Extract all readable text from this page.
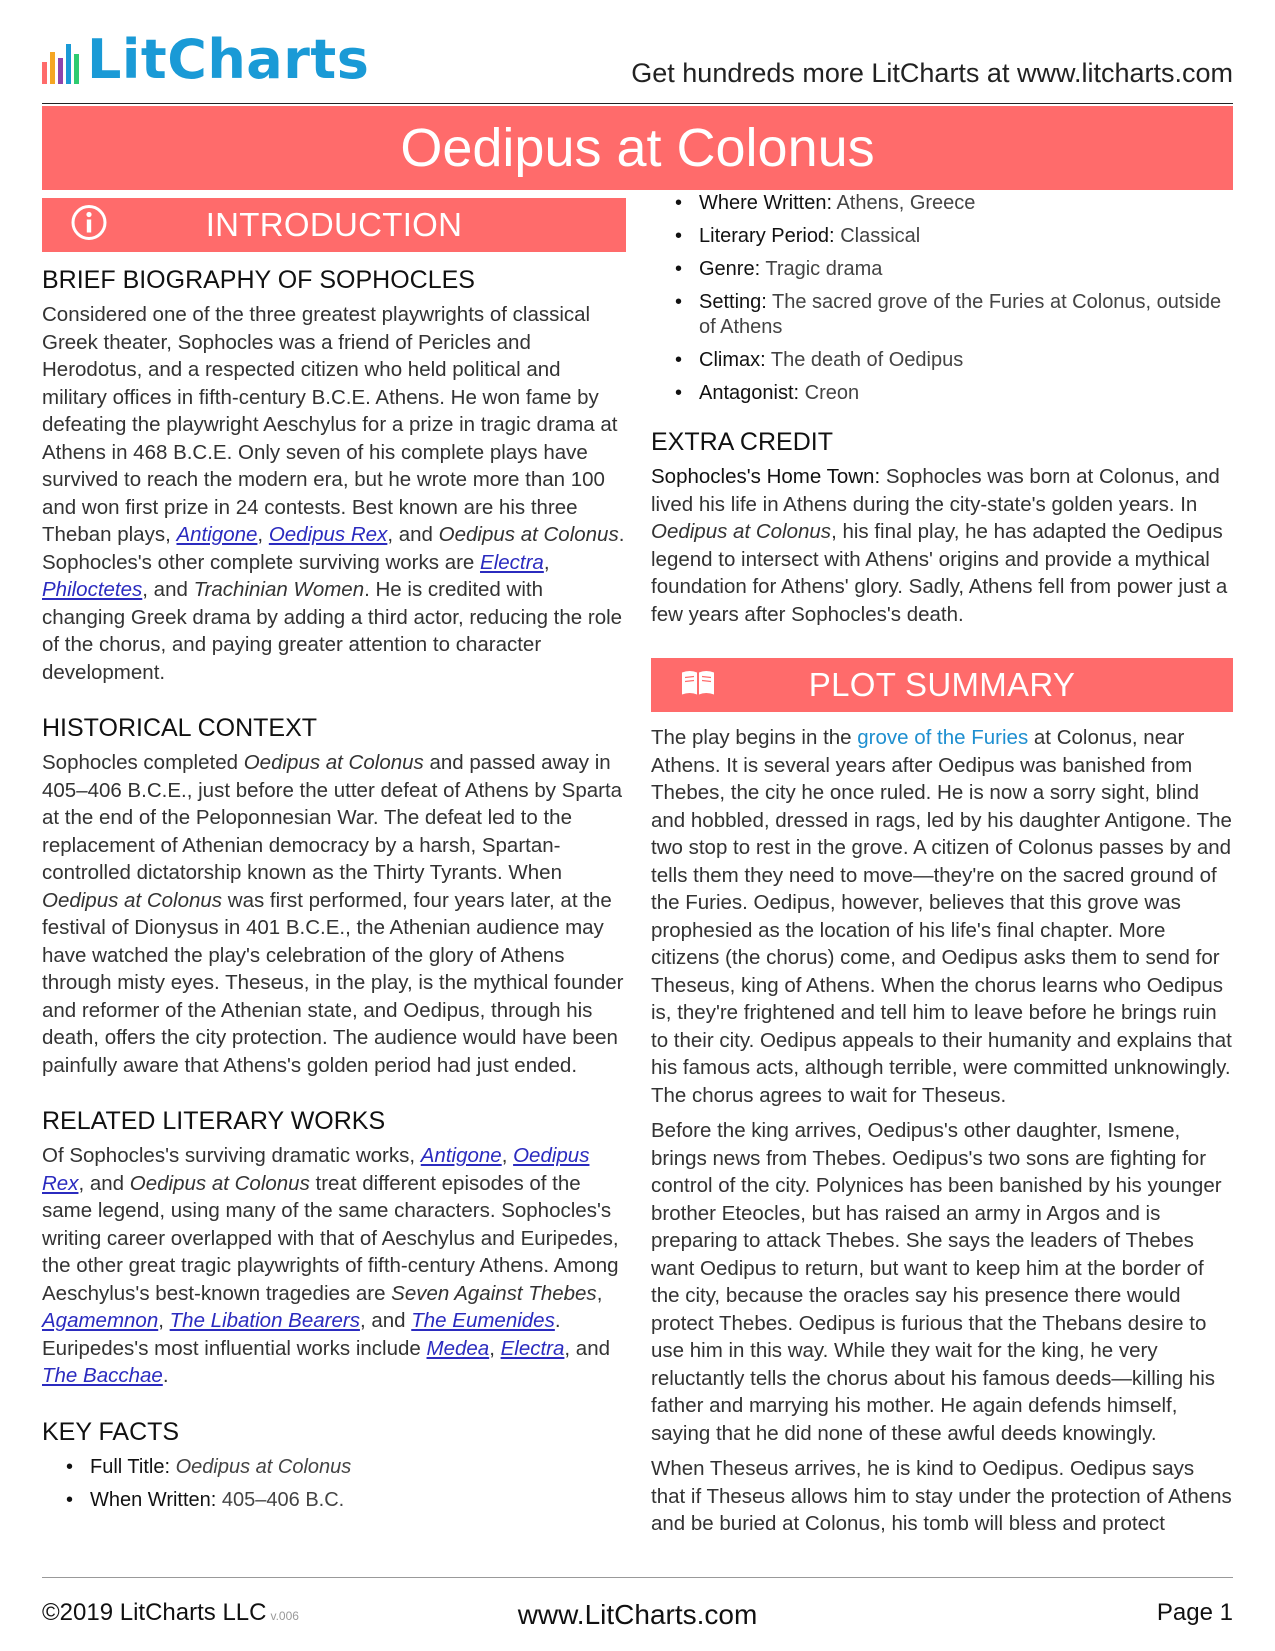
LitCharts	Get hundreds more LitCharts at www.litcharts.com
Oedipus at Colonus
INTRODUCTION
BRIEF BIOGRAPHY OF SOPHOCLES

Considered one of the three greatest playwrights of classical Greek theater, Sophocles was a friend of Pericles and Herodotus, and a respected citizen who held political and military offices in fifth-century B.C.E. Athens. He won fame by defeating the playwright Aeschylus for a prize in tragic drama at Athens in 468 B.C.E. Only seven of his complete plays have survived to reach the modern era, but he wrote more than 100 and won first prize in 24 contests. Best known are his three Theban plays, Antigone, Oedipus Rex, and Oedipus at Colonus. Sophocles's other complete surviving works are Electra, Philoctetes, and Trachinian Women. He is credited with changing Greek drama by adding a third actor, reducing the role of the chorus, and paying greater attention to character development.

HISTORICAL CONTEXT

Sophocles completed Oedipus at Colonus and passed away in 405–406 B.C.E., just before the utter defeat of Athens by Sparta at the end of the Peloponnesian War. The defeat led to the replacement of Athenian democracy by a harsh, Spartan-controlled dictatorship known as the Thirty Tyrants. When Oedipus at Colonus was first performed, four years later, at the festival of Dionysus in 401 B.C.E., the Athenian audience may have watched the play's celebration of the glory of Athens through misty eyes. Theseus, in the play, is the mythical founder and reformer of the Athenian state, and Oedipus, through his death, offers the city protection. The audience would have been painfully aware that Athens's golden period had just ended.

RELATED LITERARY WORKS

Of Sophocles's surviving dramatic works, Antigone, Oedipus Rex, and Oedipus at Colonus treat different episodes of the same legend, using many of the same characters. Sophocles's writing career overlapped with that of Aeschylus and Euripedes, the other great tragic playwrights of fifth-century Athens. Among Aeschylus's best-known tragedies are Seven Against Thebes, Agamemnon, The Libation Bearers, and The Eumenides. Euripedes's most influential works include Medea, Electra, and The Bacchae.

KEY FACTS
• Full Title: Oedipus at Colonus
• When Written: 405–406 B.C.
• Where Written: Athens, Greece
• Literary Period: Classical
• Genre: Tragic drama
• Setting: The sacred grove of the Furies at Colonus, outside of Athens
• Climax: The death of Oedipus
• Antagonist: Creon
EXTRA CREDIT

Sophocles's Home Town: Sophocles was born at Colonus, and lived his life in Athens during the city-state's golden years. In Oedipus at Colonus, his final play, he has adapted the Oedipus legend to intersect with Athens' origins and provide a mythical foundation for Athens' glory. Sadly, Athens fell from power just a few years after Sophocles's death.

PLOT SUMMARY

The play begins in the grove of the Furies at Colonus, near Athens. It is several years after Oedipus was banished from Thebes, the city he once ruled. He is now a sorry sight, blind and hobbled, dressed in rags, led by his daughter Antigone. The two stop to rest in the grove. A citizen of Colonus passes by and tells them they need to move—they're on the sacred ground of the Furies. Oedipus, however, believes that this grove was prophesied as the location of his life's final chapter. More citizens (the chorus) come, and Oedipus asks them to send for Theseus, king of Athens. When the chorus learns who Oedipus is, they're frightened and tell him to leave before he brings ruin to their city. Oedipus appeals to their humanity and explains that his famous acts, although terrible, were committed unknowingly. The chorus agrees to wait for Theseus.

Before the king arrives, Oedipus's other daughter, Ismene, brings news from Thebes. Oedipus's two sons are fighting for control of the city. Polynices has been banished by his younger brother Eteocles, but has raised an army in Argos and is preparing to attack Thebes. She says the leaders of Thebes want Oedipus to return, but want to keep him at the border of the city, because the oracles say his presence there would protect Thebes. Oedipus is furious that the Thebans desire to use him in this way. While they wait for the king, he very reluctantly tells the chorus about his famous deeds—killing his father and marrying his mother. He again defends himself, saying that he did none of these awful deeds knowingly.

When Theseus arrives, he is kind to Oedipus. Oedipus says that if Theseus allows him to stay under the protection of Athens and be buried at Colonus, his tomb will bless and protect

©2019 LitCharts LLC v.006	www.LitCharts.com	Page 1
